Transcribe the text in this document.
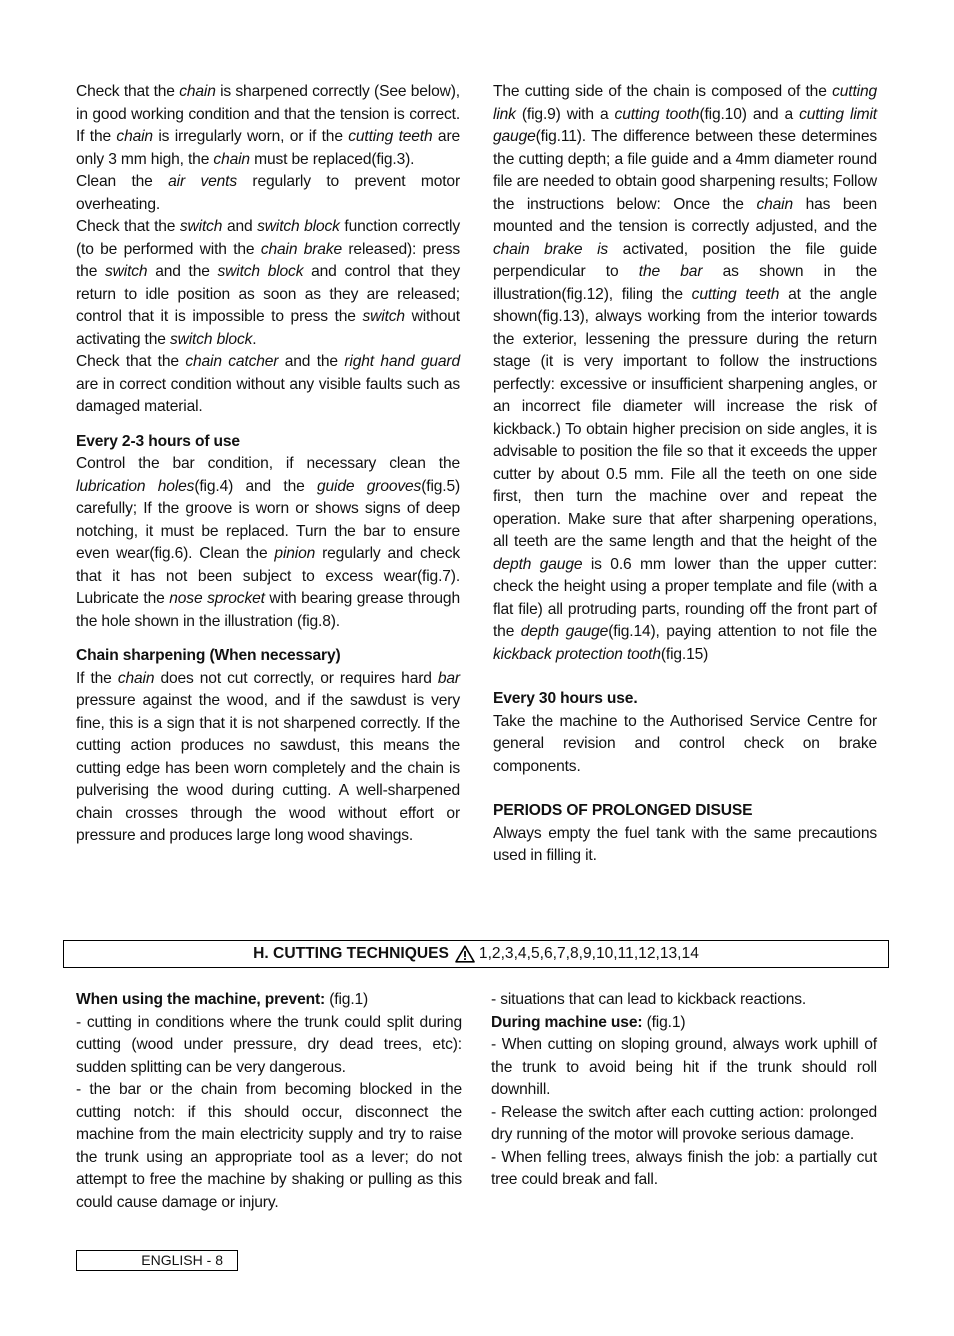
Check that the chain is sharpened correctly (See below), in good working condition and that the tension is correct. If the chain is irregularly worn, or if the cutting teeth are only 3 mm high, the chain must be replaced(fig.3).

Clean the air vents regularly to prevent motor overheating.

Check that the switch and switch block function correctly (to be performed with the chain brake released): press the switch and the switch block and control that they return to idle position as soon as they are released; control that it is impossible to press the switch without activating the switch block.

Check that the chain catcher and the right hand guard are in correct condition without any visible faults such as damaged material.

Every 2-3 hours of use

Control the bar condition, if necessary clean the lubrication holes(fig.4) and the guide grooves(fig.5) carefully; If the groove is worn or shows signs of deep notching, it must be replaced. Turn the bar to ensure even wear(fig.6). Clean the pinion regularly and check that it has not been subject to excess wear(fig.7). Lubricate the nose sprocket with bearing grease through the hole shown in the illustration (fig.8).

Chain sharpening (When necessary)

If the chain does not cut correctly, or requires hard bar pressure against the wood, and if the sawdust is very fine, this is a sign that it is not sharpened correctly. If the cutting action produces no sawdust, this means the cutting edge has been worn completely and the chain is pulverising the wood during cutting. A well-sharpened chain crosses through the wood without effort or pressure and produces large long wood shavings.

The cutting side of the chain is composed of the cutting link (fig.9) with a cutting tooth(fig.10) and a cutting limit gauge(fig.11). The difference between these determines the cutting depth; a file guide and a 4mm diameter round file are needed to obtain good sharpening results; Follow the instructions below: Once the chain has been mounted and the tension is correctly adjusted, and the chain brake is activated, position the file guide perpendicular to the bar as shown in the illustration(fig.12), filing the cutting teeth at the angle shown(fig.13), always working from the interior towards the exterior, lessening the pressure during the return stage (it is very important to follow the instructions perfectly: excessive or insufficient sharpening angles, or an incorrect file diameter will increase the risk of kickback.) To obtain higher precision on side angles, it is advisable to position the file so that it exceeds the upper cutter by about 0.5 mm. File all the teeth on one side first, then turn the machine over and repeat the operation. Make sure that after sharpening operations, all teeth are the same length and that the height of the depth gauge is 0.6 mm lower than the upper cutter: check the height using a proper template and file (with a flat file) all protruding parts, rounding off the front part of the depth gauge(fig.14), paying attention to not file the kickback protection tooth(fig.15)

Every 30 hours use.

Take the machine to the Authorised Service Centre for general revision and control check on brake components.

PERIODS OF PROLONGED DISUSE

Always empty the fuel tank with the same precautions used in filling it.

H. CUTTING TECHNIQUES 1,2,3,4,5,6,7,8,9,10,11,12,13,14

When using the machine, prevent: (fig.1)

- cutting in conditions where the trunk could split during cutting (wood under pressure, dry dead trees, etc): sudden splitting can be very dangerous.

- the bar or the chain from becoming blocked in the cutting notch: if this should occur, disconnect the machine from the main electricity supply and try to raise the trunk using an appropriate tool as a lever; do not attempt to free the machine by shaking or pulling as this could cause damage or injury.

- situations that can lead to kickback reactions.

During machine use: (fig.1)

- When cutting on sloping ground, always work uphill of the trunk to avoid being hit if the trunk should roll downhill.

- Release the switch after each cutting action: prolonged dry running of the motor will provoke serious damage.

- When felling trees, always finish the job: a partially cut tree could break and fall.

ENGLISH - 8
